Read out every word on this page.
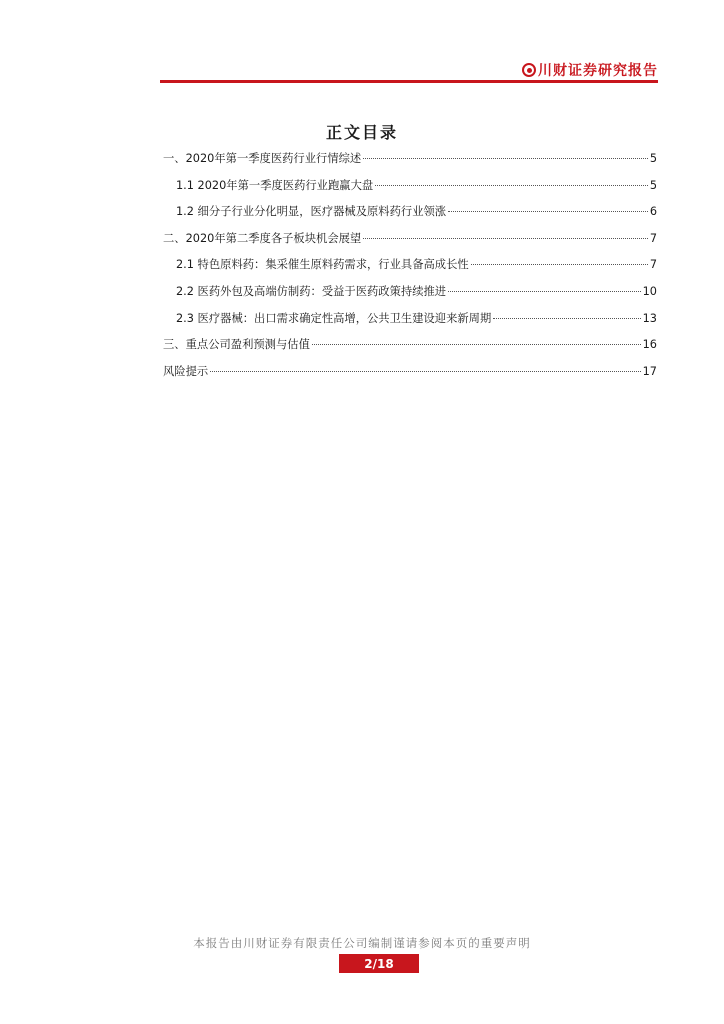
川财证券研究报告
正文目录
一、2020年第一季度医药行业行情综述	5
1.1 2020年第一季度医药行业跑赢大盘	5
1.2 细分子行业分化明显，医疗器械及原料药行业领涨	6
二、2020年第二季度各子板块机会展望	7
2.1 特色原料药：集采催生原料药需求，行业具备高成长性	7
2.2 医药外包及高端仿制药：受益于医药政策持续推进	10
2.3 医疗器械：出口需求确定性高增，公共卫生建设迎来新周期	13
三、重点公司盈利预测与估值	16
风险提示	17
本报告由川财证券有限责任公司编制谨请参阅本页的重要声明
2/18
